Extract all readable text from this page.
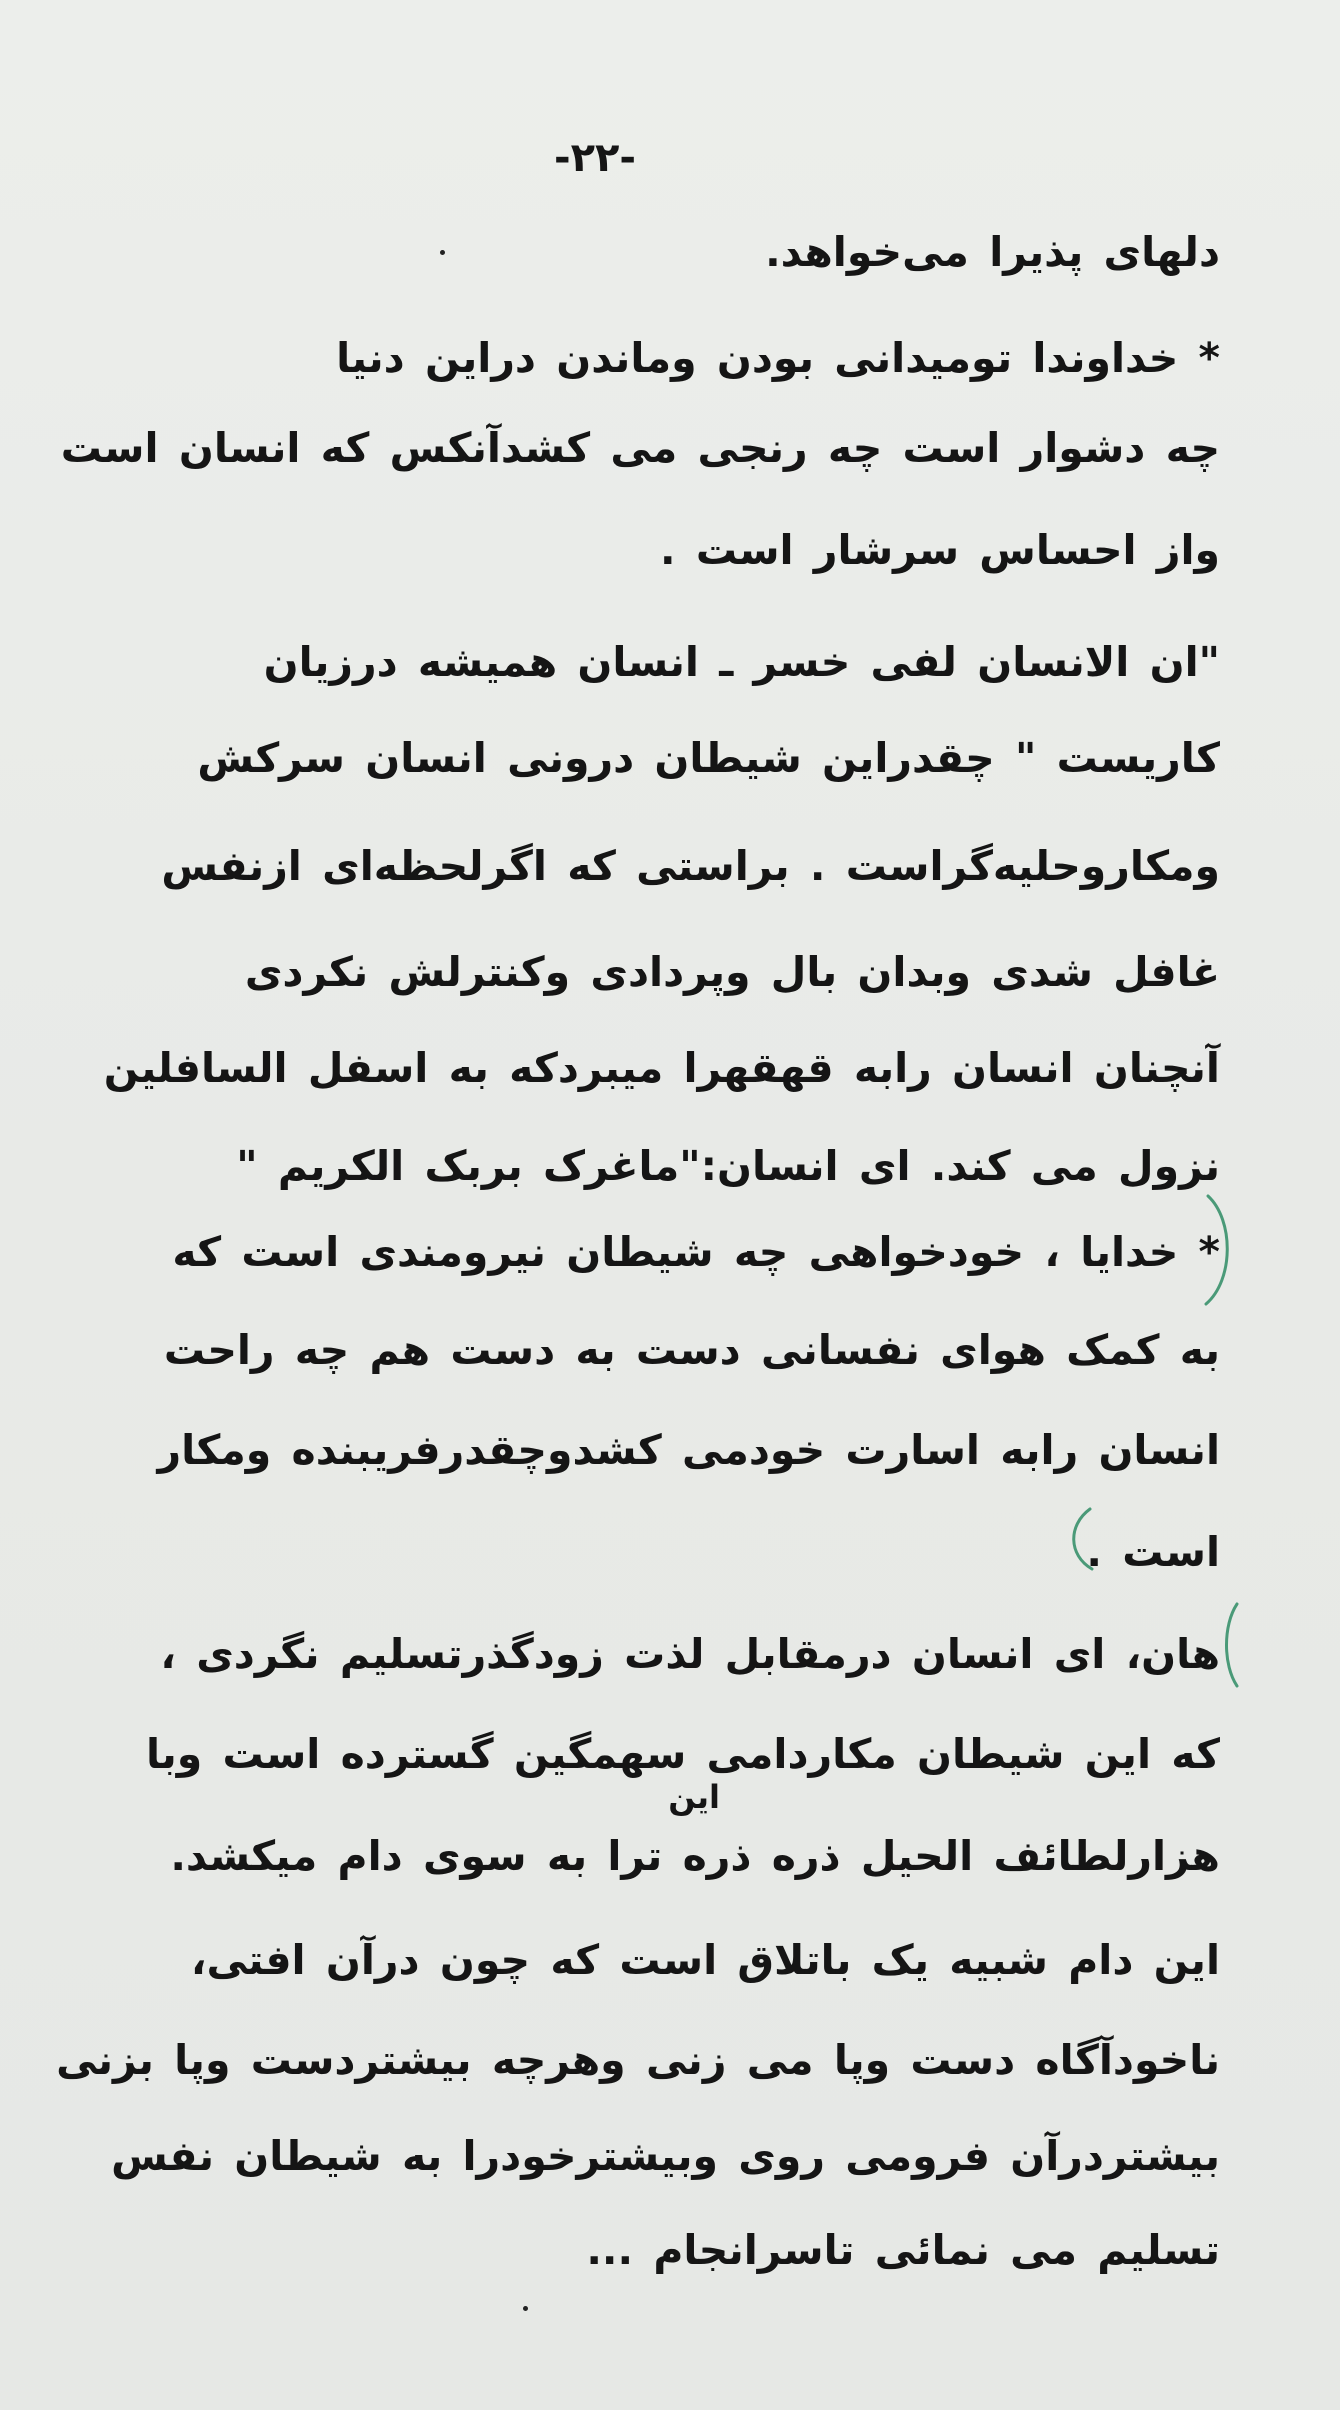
-۲۲-
دلهای پذیرا می‌خواهد.
* خداوندا تومیدانی بودن وماندن دراین دنیا
چه دشوار است چه رنجی می کشدآنکس که انسان است
واز احساس سرشار است .
"ان الانسان لفی خسر ـ انسان همیشه درزیان
کاریست " چقدراین شیطان درونی انسان سرکش
ومکاروحلیه‌گراست . براستی که اگرلحظه‌ای ازنفس
غافل شدی وبدان بال وپردادی وکنترلش نکردی
آنچنان انسان رابه قهقهرا میبردکه به اسفل السافلین
نزول می کند. ای انسان:"ماغرک بربک الکریم "
* خدایا ، خودخواهی چه شیطان نیرومندی است که
به کمک هوای نفسانی دست به دست هم چه راحت
انسان رابه اسارت خودمی کشدوچقدرفریبنده ومکار
است .
هان، ای انسان درمقابل لذت زودگذرتسلیم نگردی ،
که این شیطان مکاردامی سهمگین گسترده است وبا
هزارلطائف الحیل ذره ذره ترا به سوی دام میکشد.
این دام شبیه یک باتلاق است که چون درآن افتی،
ناخودآگاه دست وپا می زنی وهرچه بیشتردست وپا بزنی
بیشتردرآن فرومی روی وبیشترخودرا به شیطان نفس
تسلیم می نمائی تاسرانجام ...
این
